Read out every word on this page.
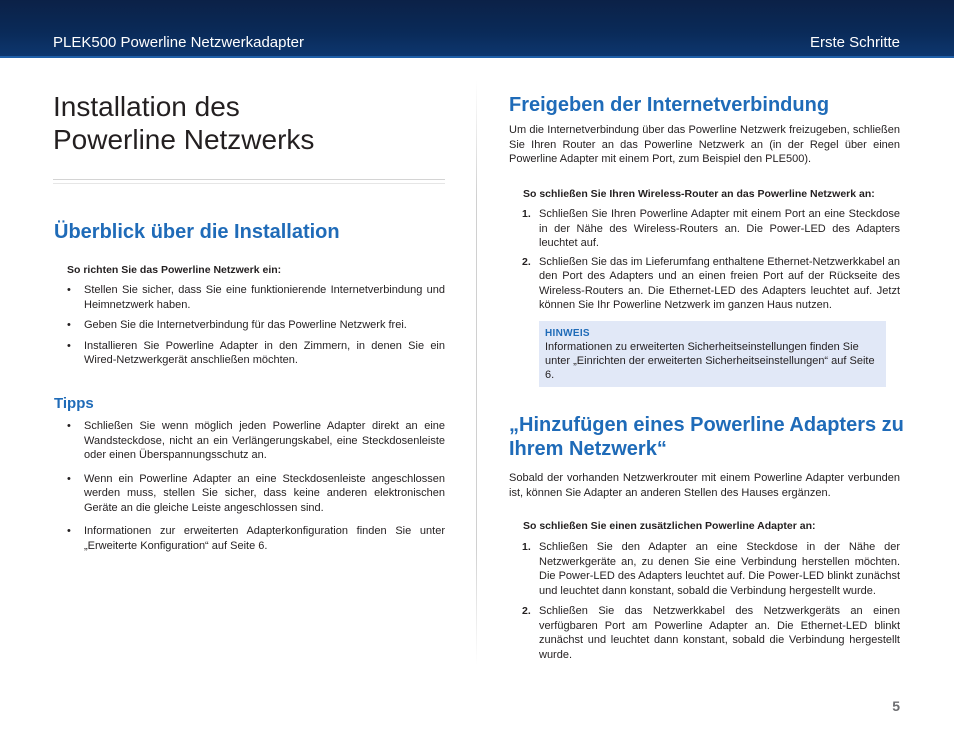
PLEK500 Powerline Netzwerkadapter	Erste Schritte
Installation des
Powerline Netzwerks
Überblick über die Installation
So richten Sie das Powerline Netzwerk ein:
• Stellen Sie sicher, dass Sie eine funktionierende Internetverbindung und Heimnetzwerk haben.
• Geben Sie die Internetverbindung für das Powerline Netzwerk frei.
• Installieren Sie Powerline Adapter in den Zimmern, in denen Sie ein Wired-Netzwerkgerät anschließen möchten.
Tipps
• Schließen Sie wenn möglich jeden Powerline Adapter direkt an eine Wandsteckdose, nicht an ein Verlängerungskabel, eine Steckdosenleiste oder einen Überspannungsschutz an.
• Wenn ein Powerline Adapter an eine Steckdosenleiste angeschlossen werden muss, stellen Sie sicher, dass keine anderen elektronischen Geräte an die gleiche Leiste angeschlossen sind.
• Informationen zur erweiterten Adapterkonfiguration finden Sie unter „Erweiterte Konfiguration“ auf Seite 6.
Freigeben der Internetverbindung
Um die Internetverbindung über das Powerline Netzwerk freizugeben, schließen Sie Ihren Router an das Powerline Netzwerk an (in der Regel über einen Powerline Adapter mit einem Port, zum Beispiel den PLE500).
So schließen Sie Ihren Wireless-Router an das Powerline Netzwerk an:
1. Schließen Sie Ihren Powerline Adapter mit einem Port an eine Steckdose in der Nähe des Wireless-Routers an. Die Power-LED des Adapters leuchtet auf.
2. Schließen Sie das im Lieferumfang enthaltene Ethernet-Netzwerkkabel an den Port des Adapters und an einen freien Port auf der Rückseite des Wireless-Routers an. Die Ethernet-LED des Adapters leuchtet auf. Jetzt können Sie Ihr Powerline Netzwerk im ganzen Haus nutzen.
HINWEIS
Informationen zu erweiterten Sicherheitseinstellungen finden Sie unter „Einrichten der erweiterten Sicherheitseinstellungen“ auf Seite 6.
„Hinzufügen eines Powerline Adapters zu
Ihrem Netzwerk“
Sobald der vorhanden Netzwerkrouter mit einem Powerline Adapter verbunden ist, können Sie Adapter an anderen Stellen des Hauses ergänzen.
So schließen Sie einen zusätzlichen Powerline Adapter an:
1. Schließen Sie den Adapter an eine Steckdose in der Nähe der Netzwerkgeräte an, zu denen Sie eine Verbindung herstellen möchten. Die Power-LED des Adapters leuchtet auf. Die Power-LED blinkt zunächst und leuchtet dann konstant, sobald die Verbindung hergestellt wurde.
2. Schließen Sie das Netzwerkkabel des Netzwerkgeräts an einen verfügbaren Port am Powerline Adapter an. Die Ethernet-LED blinkt zunächst und leuchtet dann konstant, sobald die Verbindung hergestellt wurde.
5
